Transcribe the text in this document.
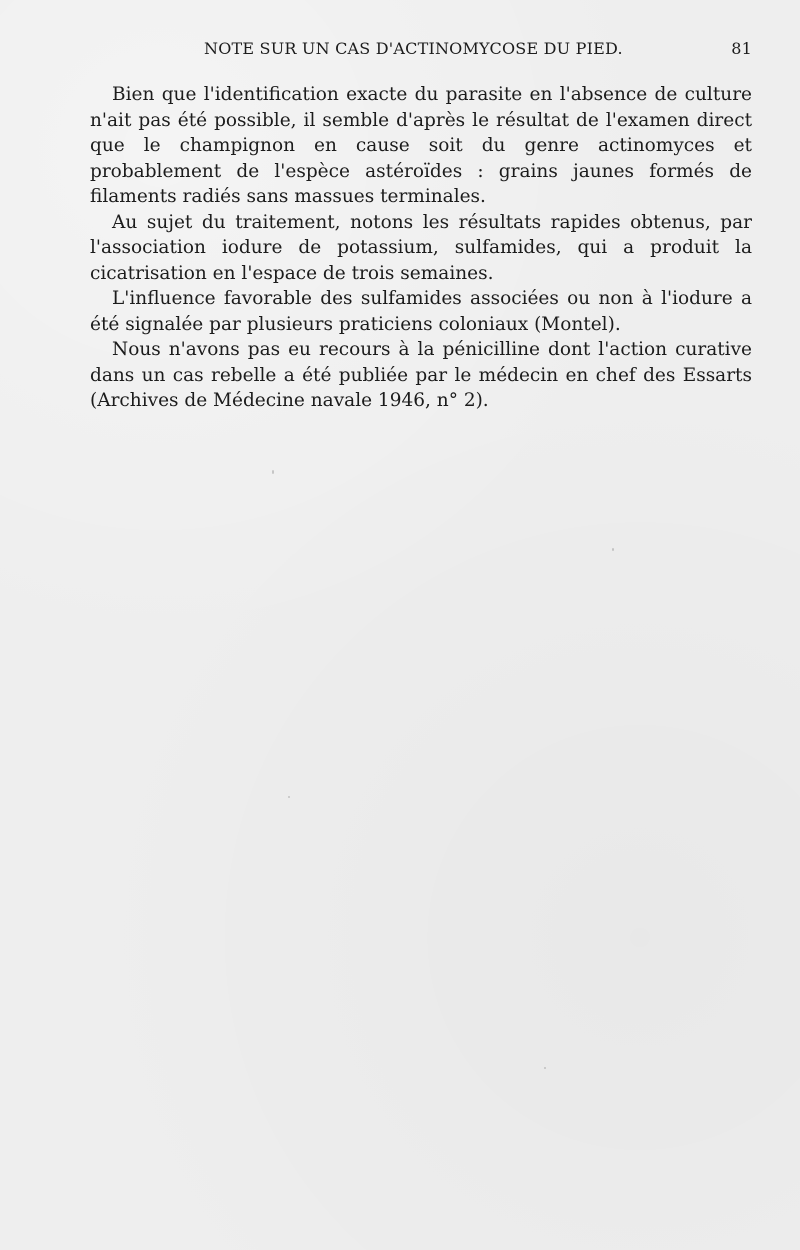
NOTE SUR UN CAS D'ACTINOMYCOSE DU PIED.	81

Bien que l'identification exacte du parasite en l'absence de culture n'ait pas été possible, il semble d'après le résultat de l'examen direct que le champignon en cause soit du genre actinomyces et probablement de l'espèce astéroïdes : grains jaunes formés de filaments radiés sans massues terminales.

Au sujet du traitement, notons les résultats rapides obtenus, par l'association iodure de potassium, sulfamides, qui a produit la cicatrisation en l'espace de trois semaines.

L'influence favorable des sulfamides associées ou non à l'iodure a été signalée par plusieurs praticiens coloniaux (Montel).

Nous n'avons pas eu recours à la pénicilline dont l'action curative dans un cas rebelle a été publiée par le médecin en chef des Essarts (Archives de Médecine navale 1946, n° 2).
